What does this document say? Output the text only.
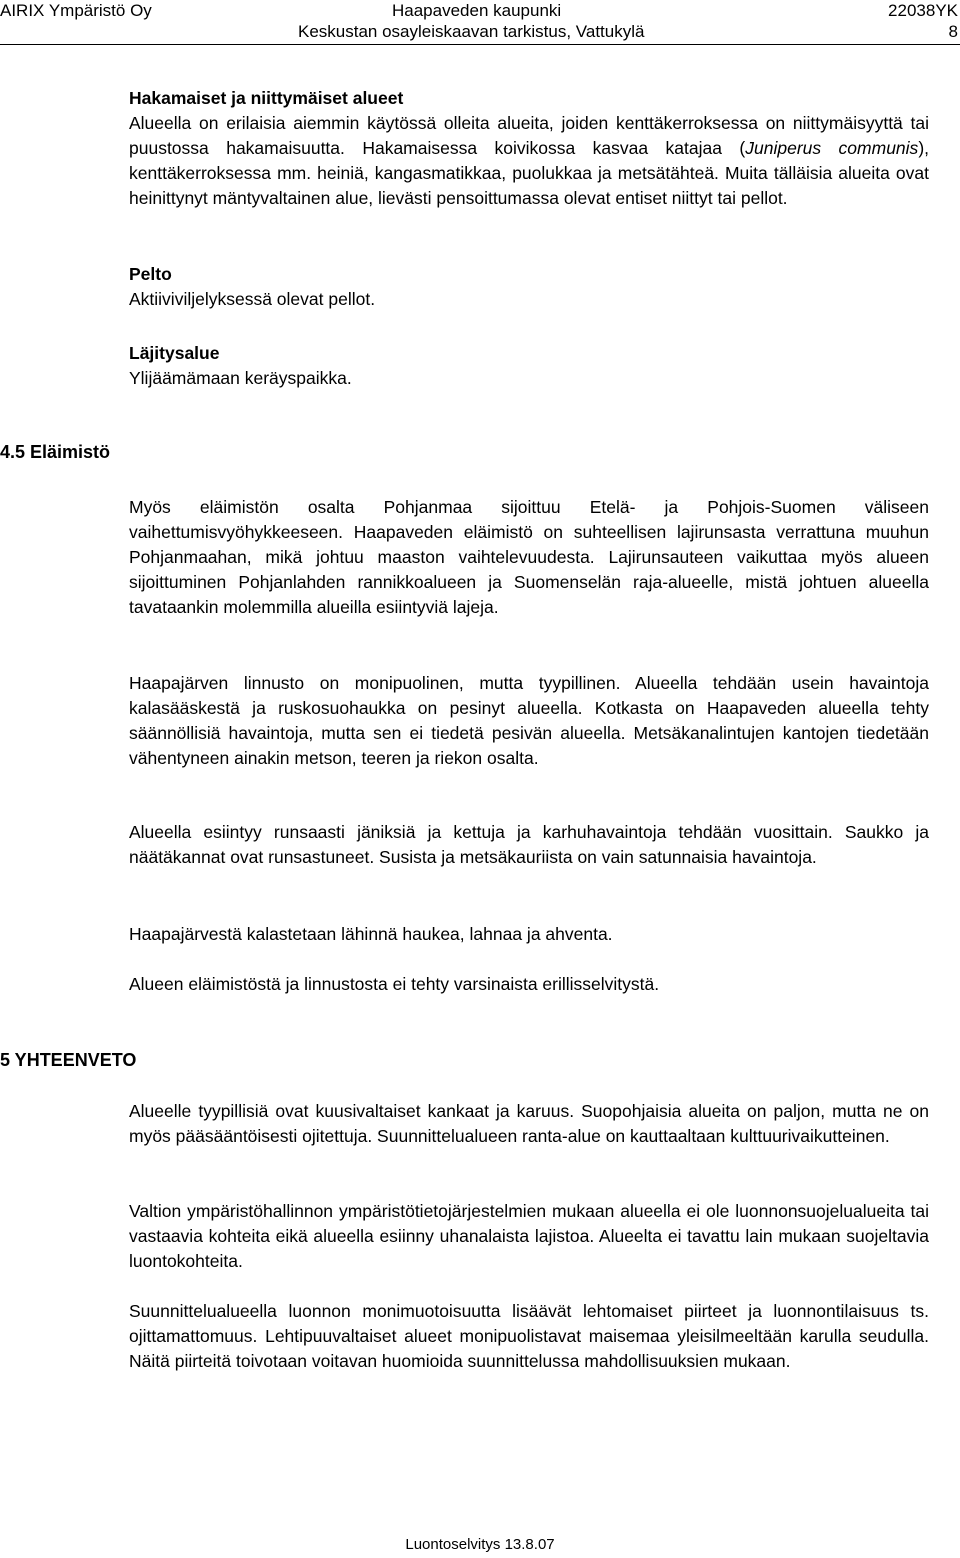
AIRIX Ympäristö Oy	Haapaveden kaupunki	22038YK
Keskustan osayleiskaavan tarkistus, Vattukylä	8

Hakamaiset ja niittymäiset alueet

Alueella on erilaisia aiemmin käytössä olleita alueita, joiden kenttäkerroksessa on niittymäisyyttä tai puustossa hakamaisuutta. Hakamaisessa koivikossa kasvaa katajaa (Juniperus communis), kenttäkerroksessa mm. heiniä, kangasmatikkaa, puolukkaa ja metsätähteä. Muita tälläisia alueita ovat heinittynyt mäntyvaltainen alue, lievästi pensoittumassa olevat entiset niittyt tai pellot.

Pelto

Aktiiviviljelyksessä olevat pellot.

Läjitysalue

Ylijäämämaan keräyspaikka.

4.5 Eläimistö
Myös eläimistön osalta Pohjanmaa sijoittuu Etelä- ja Pohjois-Suomen väliseen vaihettumisvyöhykkeeseen. Haapaveden eläimistö on suhteellisen lajirunsasta verrattuna muuhun Pohjanmaahan, mikä johtuu maaston vaihtelevuudesta. Lajirunsauteen vaikuttaa myös alueen sijoittuminen Pohjanlahden rannikkoalueen ja Suomenselän raja-alueelle, mistä johtuen alueella tavataankin molemmilla alueilla esiintyviä lajeja.
Haapajärven linnusto on monipuolinen, mutta tyypillinen. Alueella tehdään usein havaintoja kalasääskestä ja ruskosuohaukka on pesinyt alueella. Kotkasta on Haapaveden alueella tehty säännöllisiä havaintoja, mutta sen ei tiedetä pesivän alueella. Metsäkanalintujen kantojen tiedetään vähentyneen ainakin metson, teeren ja riekon osalta.
Alueella esiintyy runsaasti jäniksiä ja kettuja ja karhuhavaintoja tehdään vuosittain. Saukko ja näätäkannat ovat runsastuneet. Susista ja metsäkauriista on vain satunnaisia havaintoja.
Haapajärvestä kalastetaan lähinnä haukea, lahnaa ja ahventa.
Alueen eläimistöstä ja linnustosta ei tehty varsinaista erillisselvitystä.
5 YHTEENVETO
Alueelle tyypillisiä ovat kuusivaltaiset kankaat ja karuus. Suopohjaisia alueita on paljon, mutta ne on myös pääsääntöisesti ojitettuja. Suunnittelualueen ranta-alue on kauttaaltaan kulttuurivaikutteinen.
Valtion ympäristöhallinnon ympäristötietojärjestelmien mukaan alueella ei ole luonnonsuojelualueita tai vastaavia kohteita eikä alueella esiinny uhanalaista lajistoa. Alueelta ei tavattu lain mukaan suojeltavia luontokohteita.
Suunnittelualueella luonnon monimuotoisuutta lisäävät lehtomaiset piirteet ja luonnontilaisuus ts. ojittamattomuus. Lehtipuuvaltaiset alueet monipuolistavat maisemaa yleisilmeeltään karulla seudulla. Näitä piirteitä toivotaan voitavan huomioida suunnittelussa mahdollisuuksien mukaan.
Luontoselvitys 13.8.07
